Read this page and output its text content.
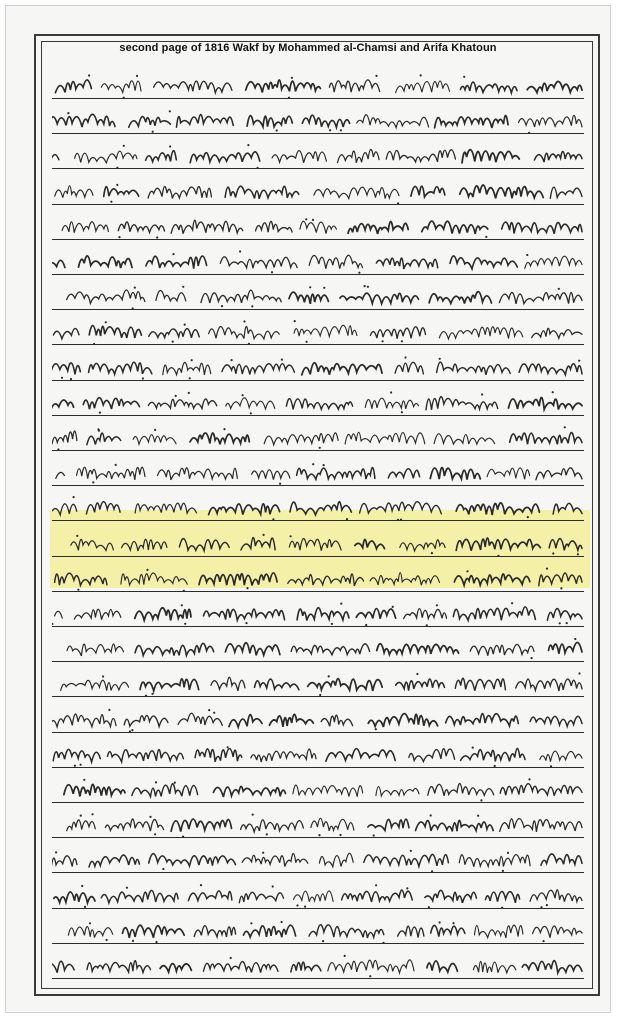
second page of 1816 Wakf by Mohammed al-Chamsi and Arifa Khatoun
